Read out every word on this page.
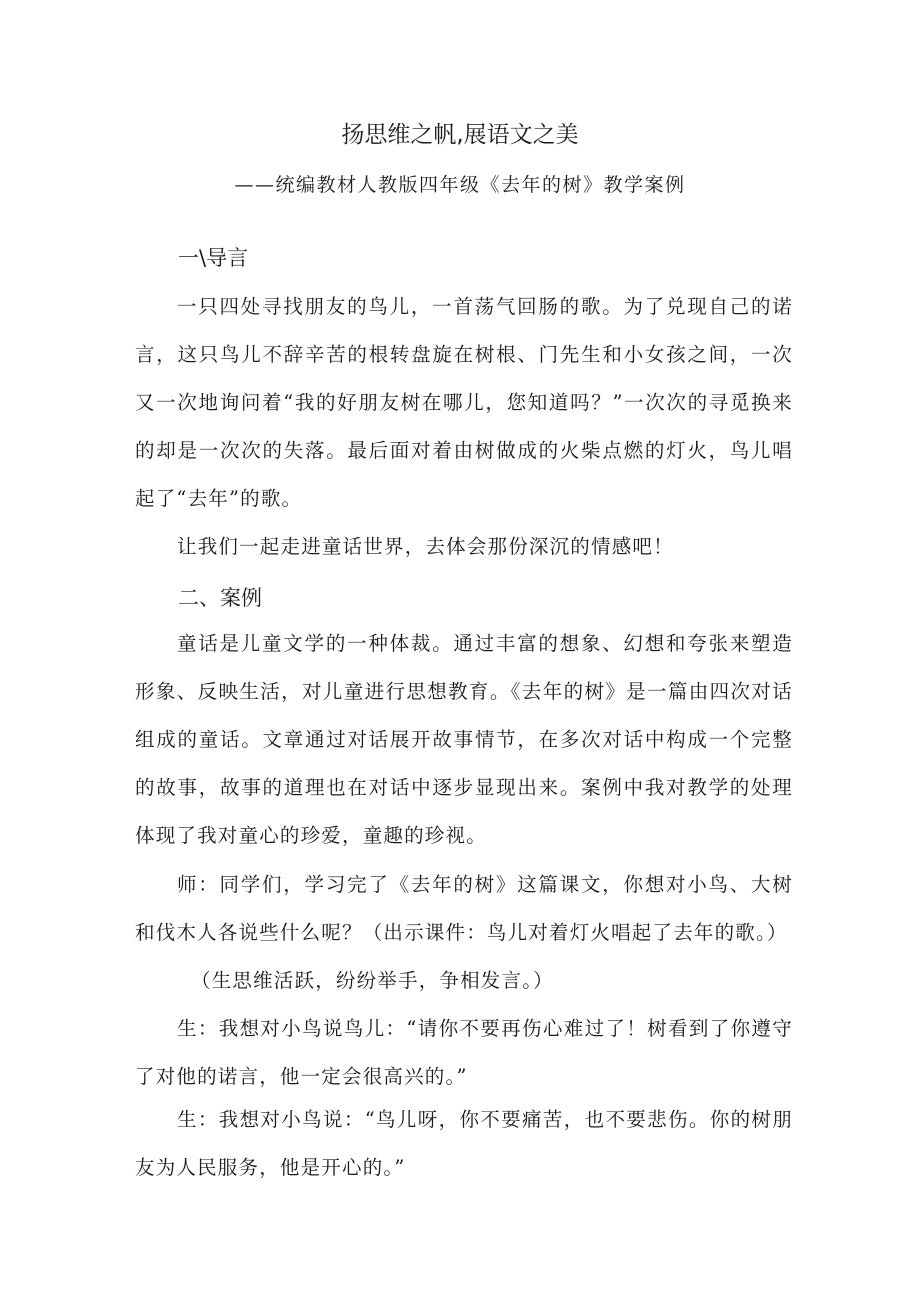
扬思维之帆,展语文之美
——统编教材人教版四年级《去年的树》教学案例
一\导言

一只四处寻找朋友的鸟儿，一首荡气回肠的歌。为了兑现自己的诺言，这只鸟儿不辞辛苦的根转盘旋在树根、门先生和小女孩之间，一次又一次地询问着“我的好朋友树在哪儿，您知道吗？”一次次的寻觅换来的却是一次次的失落。最后面对着由树做成的火柴点燃的灯火，鸟儿唱起了“去年”的歌。

让我们一起走进童话世界，去体会那份深沉的情感吧！

二、案例

童话是儿童文学的一种体裁。通过丰富的想象、幻想和夸张来塑造形象、反映生活，对儿童进行思想教育。《去年的树》是一篇由四次对话组成的童话。文章通过对话展开故事情节，在多次对话中构成一个完整的故事，故事的道理也在对话中逐步显现出来。案例中我对教学的处理体现了我对童心的珍爱，童趣的珍视。

师：同学们，学习完了《去年的树》这篇课文，你想对小鸟、大树和伐木人各说些什么呢？（出示课件：鸟儿对着灯火唱起了去年的歌。）

（生思维活跃，纷纷举手，争相发言。）

生：我想对小鸟说鸟儿：“请你不要再伤心难过了！树看到了你遵守了对他的诺言，他一定会很高兴的。”

生：我想对小鸟说：“鸟儿呀，你不要痛苦，也不要悲伤。你的树朋友为人民服务，他是开心的。”
